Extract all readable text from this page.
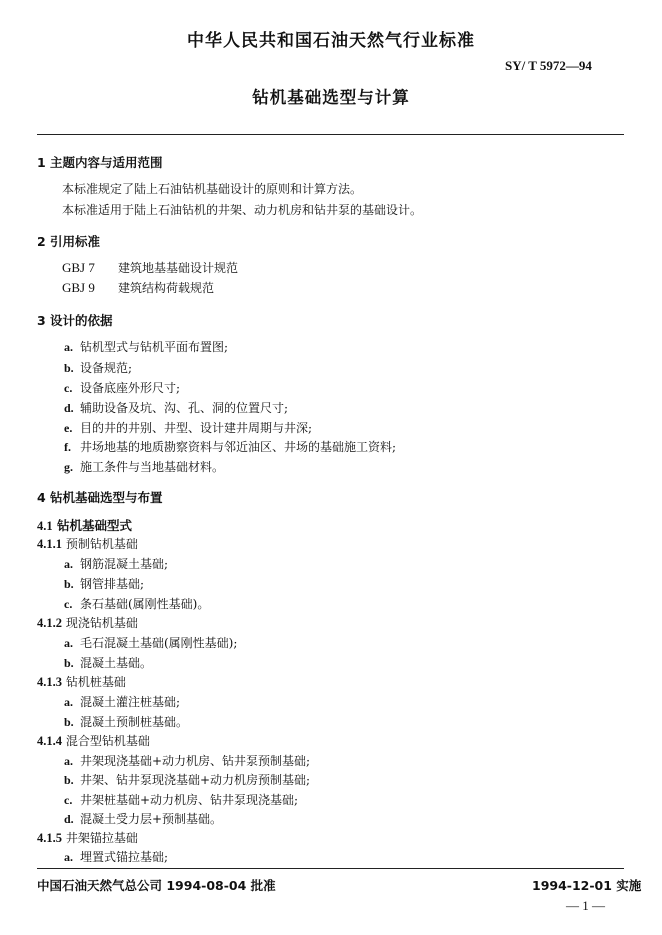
中华人民共和国石油天然气行业标准
SY/ T 5972—94
钻机基础选型与计算
1 主题内容与适用范围
本标准规定了陆上石油钻机基础设计的原则和计算方法。
本标准适用于陆上石油钻机的井架、动力机房和钻井泵的基础设计。
2 引用标准
GBJ 7 建筑地基基础设计规范
GBJ 9 建筑结构荷载规范
3 设计的依据
a. 钻机型式与钻机平面布置图;
b. 设备规范;
c. 设备底座外形尺寸;
d. 辅助设备及坑、沟、孔、洞的位置尺寸;
e. 目的井的井别、井型、设计建井周期与井深;
f. 井场地基的地质勘察资料与邻近油区、井场的基础施工资料;
g. 施工条件与当地基础材料。
4 钻机基础选型与布置
4.1 钻机基础型式
4.1.1 预制钻机基础
a. 钢筋混凝土基础;
b. 钢管排基础;
c. 条石基础(属刚性基础)。
4.1.2 现浇钻机基础
a. 毛石混凝土基础(属刚性基础);
b. 混凝土基础。
4.1.3 钻机桩基础
a. 混凝土灌注桩基础;
b. 混凝土预制桩基础。
4.1.4 混合型钻机基础
a. 井架现浇基础+动力机房、钻井泵预制基础;
b. 井架、钻井泵现浇基础+动力机房预制基础;
c. 井架桩基础+动力机房、钻井泵现浇基础;
d. 混凝土受力层+预制基础。
4.1.5 井架锚拉基础
a. 埋置式锚拉基础;
中国石油天然气总公司 1994-08-04 批准	1994-12-01 实施
— 1 —
